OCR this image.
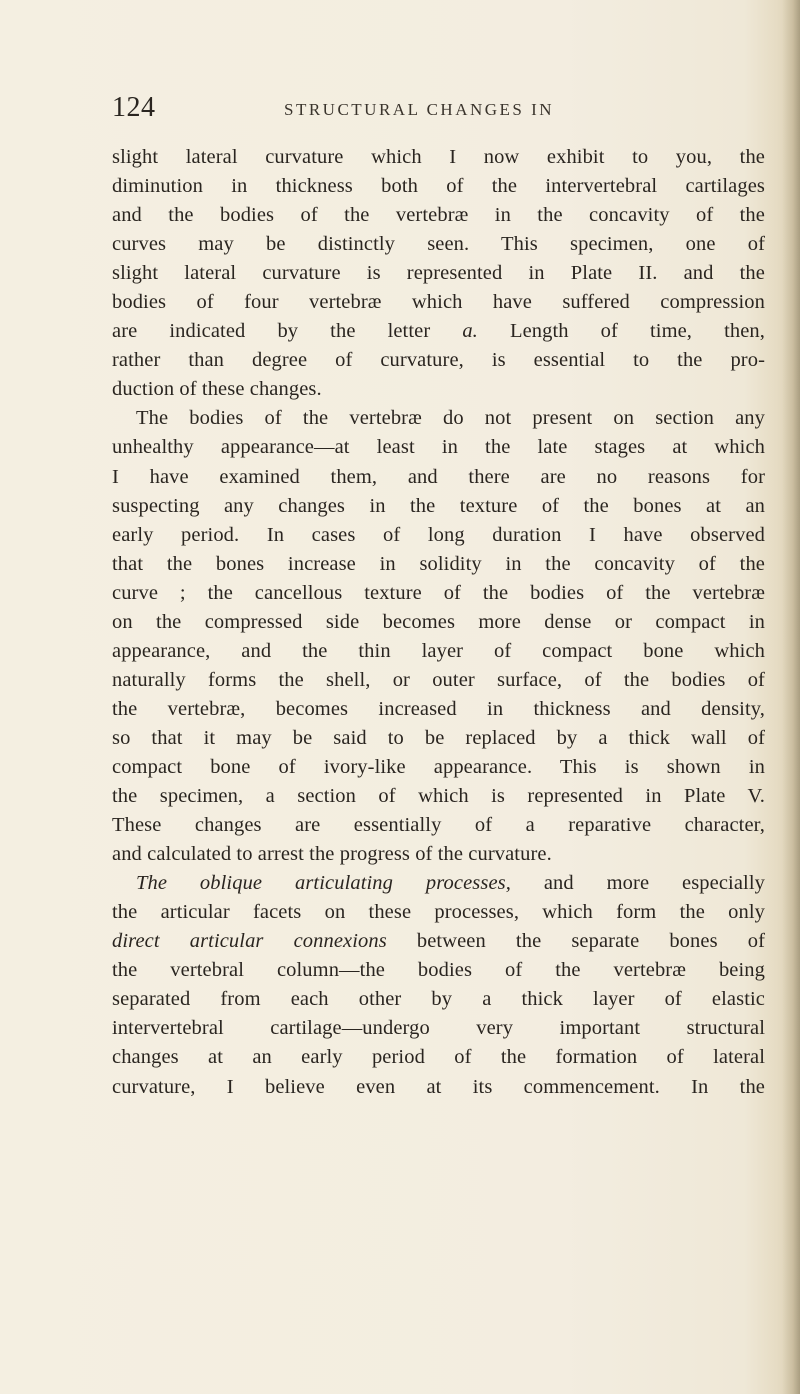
124	STRUCTURAL CHANGES IN
slight lateral curvature which I now exhibit to you, the
diminution in thickness both of the intervertebral cartilages
and the bodies of the vertebræ in the concavity of the
curves may be distinctly seen. This specimen, one of
slight lateral curvature is represented in Plate II. and the
bodies of four vertebræ which have suffered compression
are indicated by the letter a. Length of time, then,
rather than degree of curvature, is essential to the pro-
duction of these changes.
The bodies of the vertebræ do not present on section any
unhealthy appearance—at least in the late stages at which
I have examined them, and there are no reasons for
suspecting any changes in the texture of the bones at an
early period. In cases of long duration I have observed
that the bones increase in solidity in the concavity of the
curve ; the cancellous texture of the bodies of the vertebræ
on the compressed side becomes more dense or compact in
appearance, and the thin layer of compact bone which
naturally forms the shell, or outer surface, of the bodies of
the vertebræ, becomes increased in thickness and density,
so that it may be said to be replaced by a thick wall of
compact bone of ivory-like appearance. This is shown in
the specimen, a section of which is represented in Plate V.
These changes are essentially of a reparative character,
and calculated to arrest the progress of the curvature.
The oblique articulating processes, and more especially
the articular facets on these processes, which form the only
direct articular connexions between the separate bones of
the vertebral column—the bodies of the vertebræ being
separated from each other by a thick layer of elastic
intervertebral cartilage—undergo very important structural
changes at an early period of the formation of lateral
curvature, I believe even at its commencement. In the
